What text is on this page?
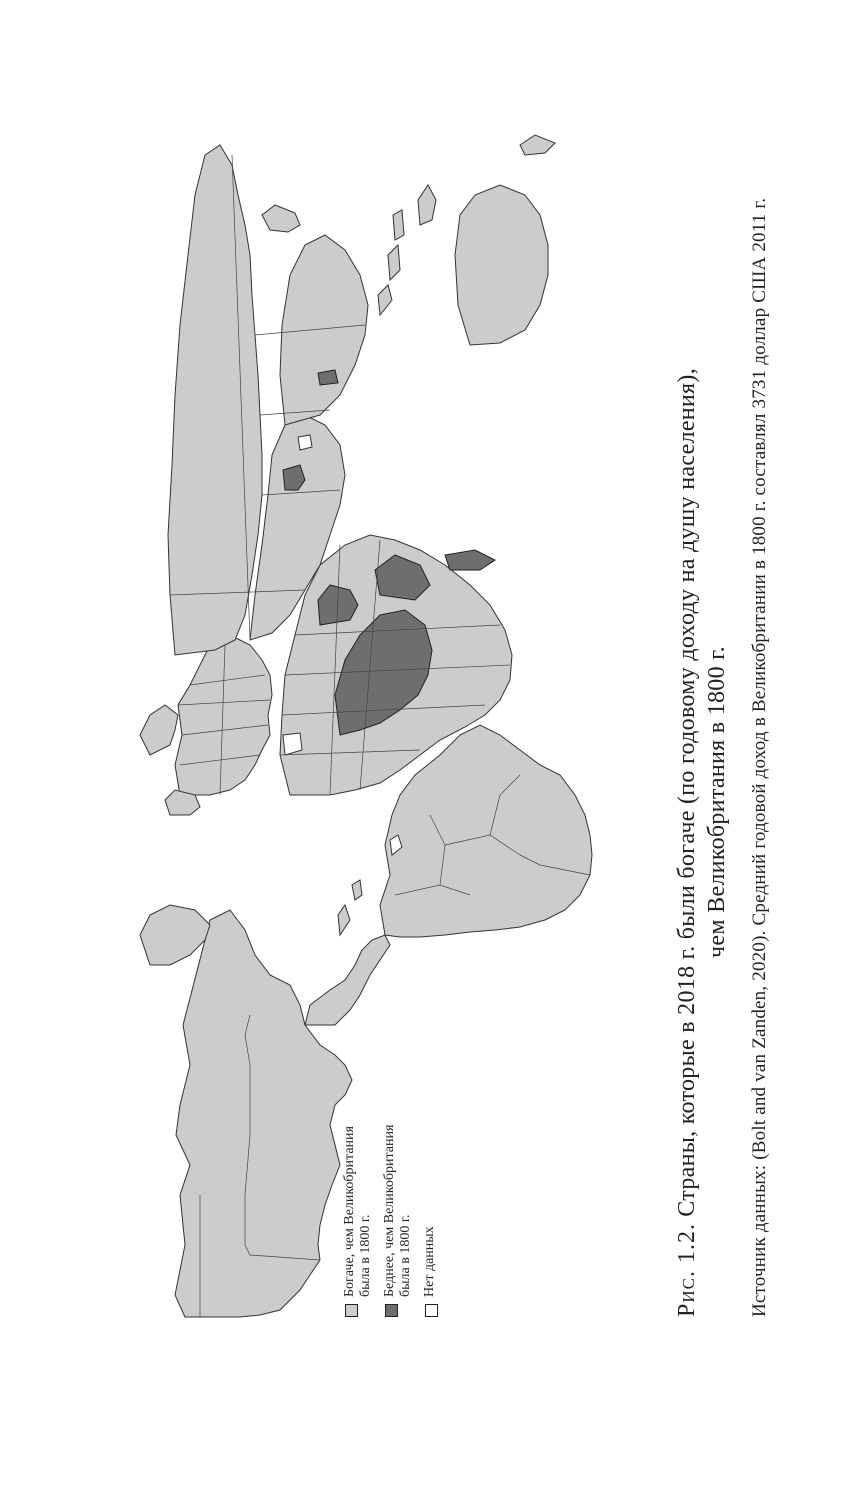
Богаче, чем Великобритания
была в 1800 г.
Беднее, чем Великобритания
была в 1800 г.
Нет данных	Рис. 1.2. Страны, которые в 2018 г. были богаче (по годовому доходу на душу населения), чем Великобритания в 1800 г. Источник данных: (Bolt and van Zanden, 2020). Средний годовой доход в Великобритании в 1800 г. составлял 3731 доллар США 2011 г.
